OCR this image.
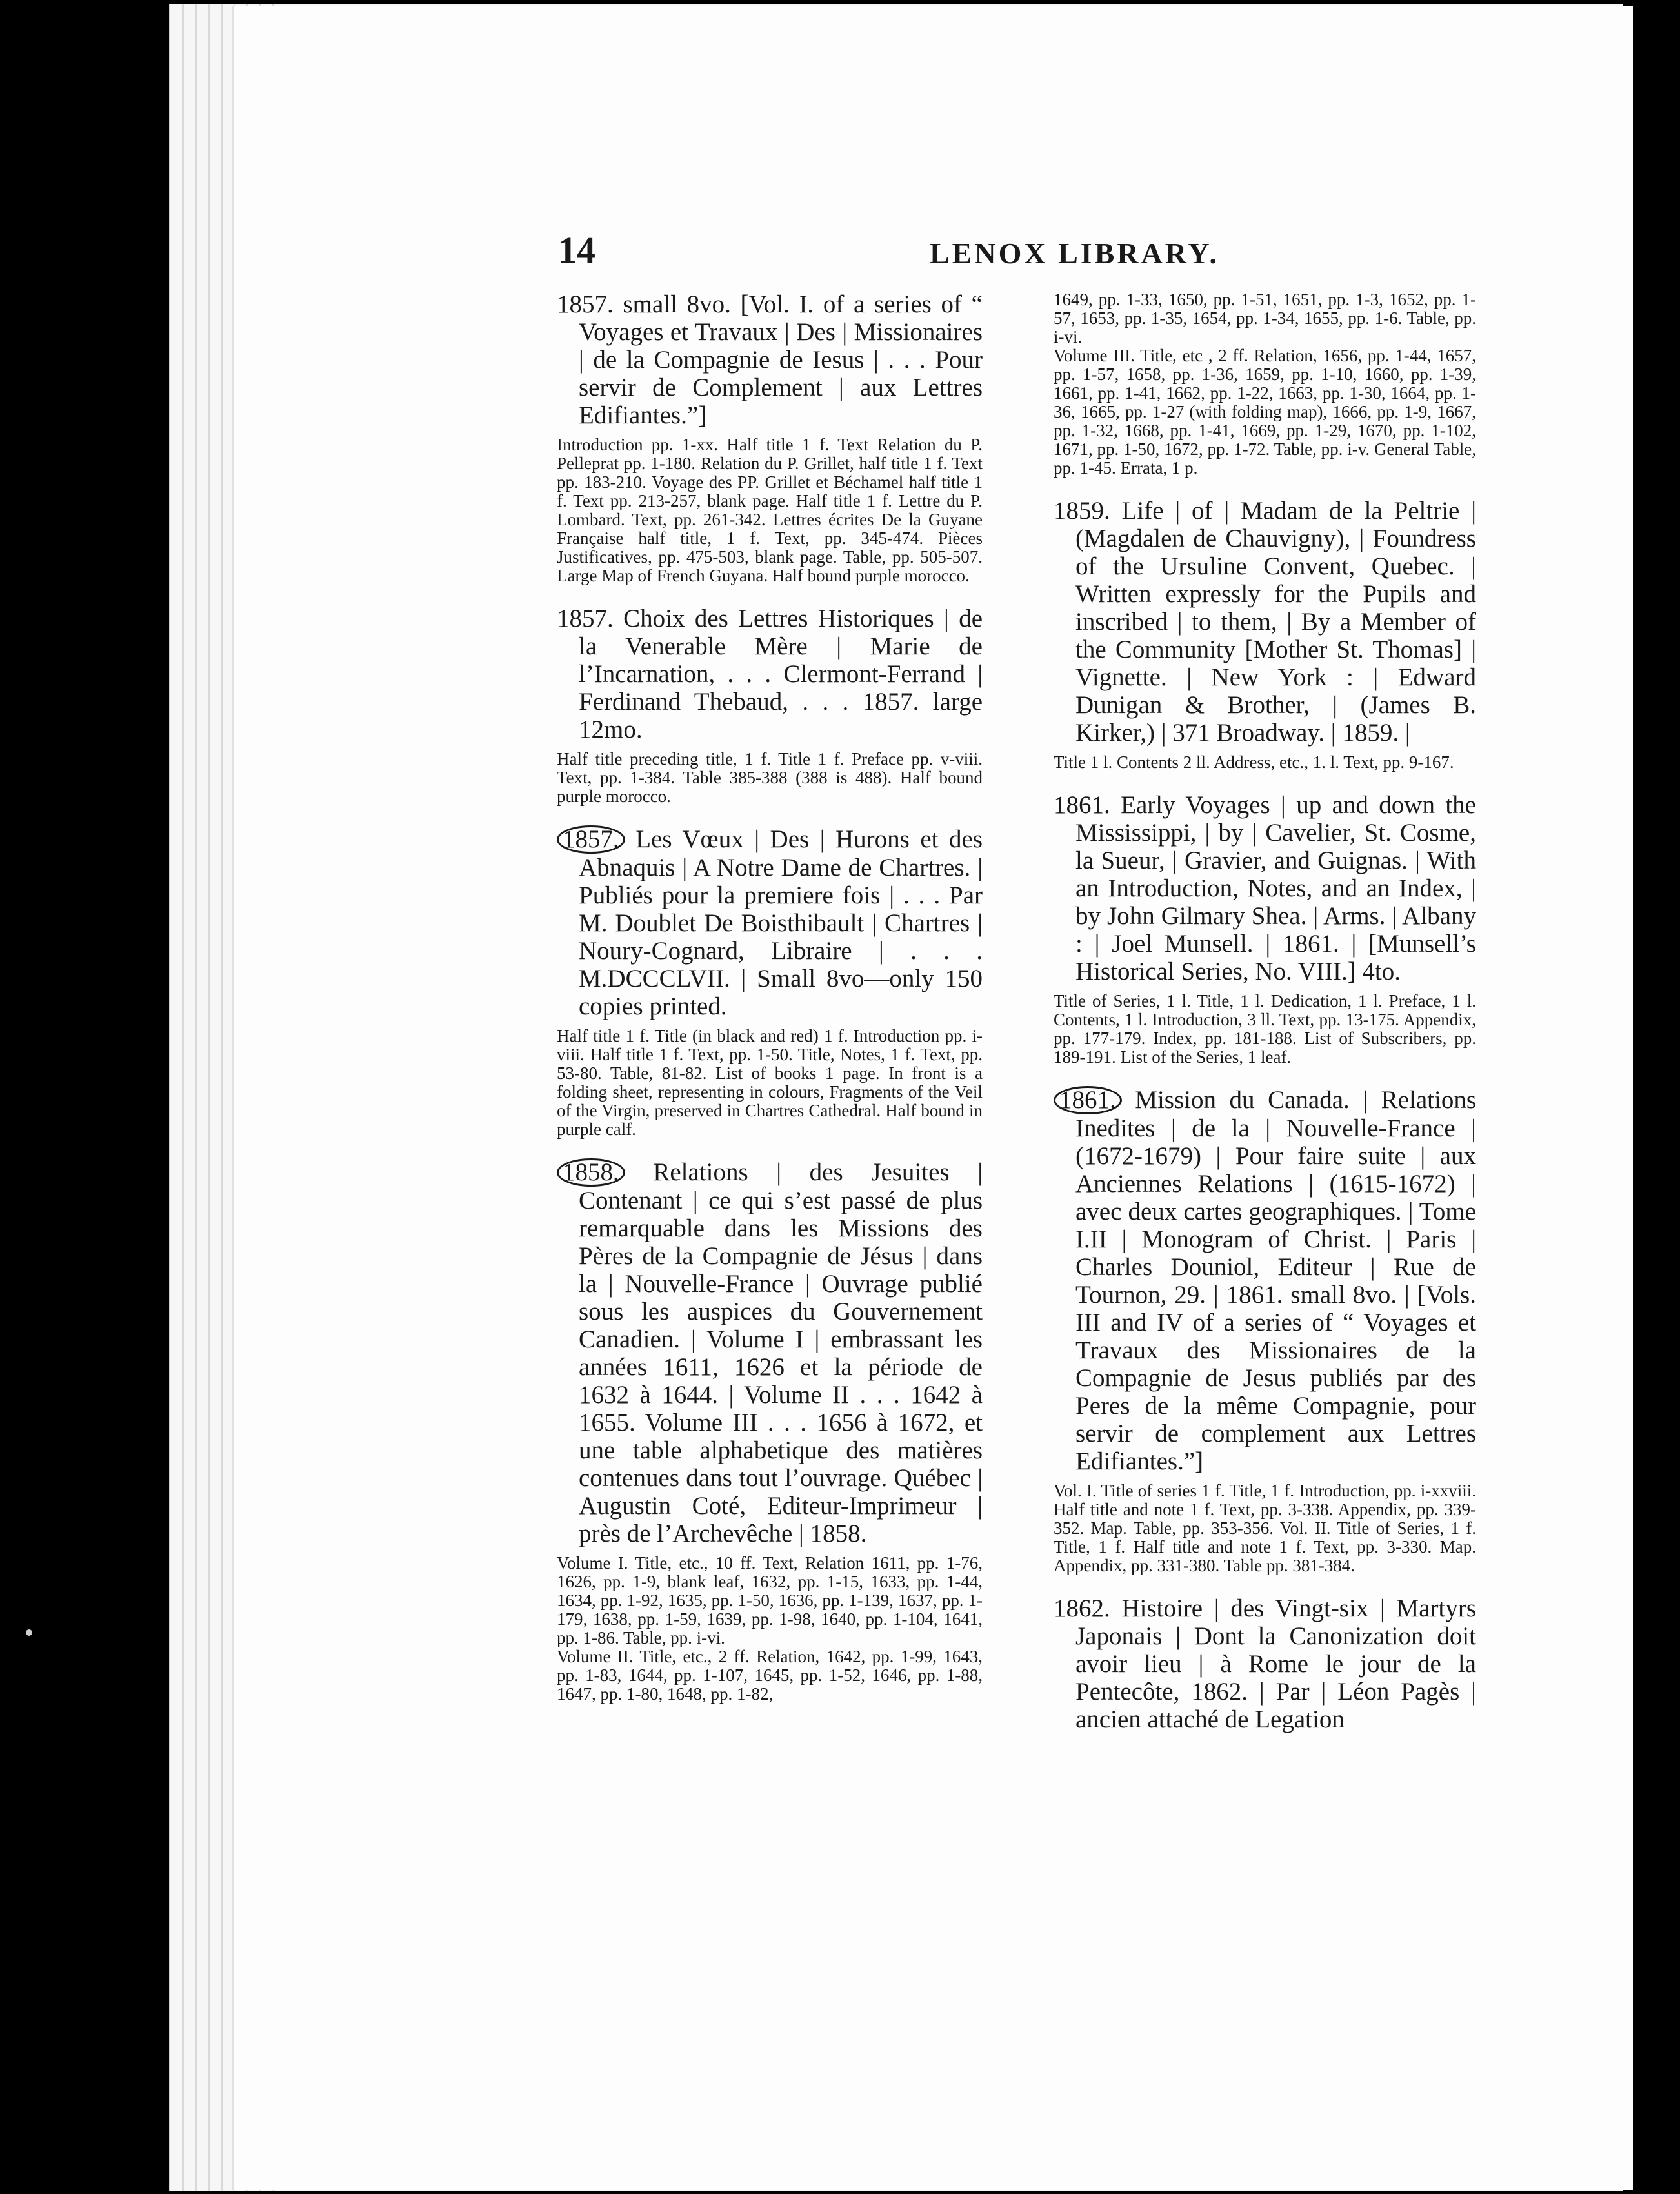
14	LENOX LIBRARY.

1857. small 8vo. [Vol. I. of a series of “ Voyages et Travaux | Des | Missionaires | de la Compagnie de Iesus | . . . Pour servir de Complement | aux Lettres Edifiantes.”]

Introduction pp. 1-xx. Half title 1 f. Text Relation du P. Pelleprat pp. 1-180. Relation du P. Grillet, half title 1 f. Text pp. 183-210. Voyage des PP. Grillet et Béchamel half title 1 f. Text pp. 213-257, blank page. Half title 1 f. Lettre du P. Lombard. Text, pp. 261-342. Lettres écrites De la Guyane Française half title, 1 f. Text, pp. 345-474. Pièces Justificatives, pp. 475-503, blank page. Table, pp. 505-507. Large Map of French Guyana. Half bound purple morocco.

1857. Choix des Lettres Historiques | de la Venerable Mère | Marie de l’Incarnation, . . . Clermont-Ferrand | Ferdinand Thebaud, . . . 1857. large 12mo.

Half title preceding title, 1 f. Title 1 f. Preface pp. v-viii. Text, pp. 1-384. Table 385-388 (388 is 488). Half bound purple morocco.

1857. Les Vœux | Des | Hurons et des Abnaquis | A Notre Dame de Chartres. | Publiés pour la premiere fois | . . . Par M. Doublet De Boisthibault | Chartres | Noury-Cognard, Libraire | . . . M.DCCCLVII. | Small 8vo—only 150 copies printed.

Half title 1 f. Title (in black and red) 1 f. Introduction pp. i-viii. Half title 1 f. Text, pp. 1-50. Title, Notes, 1 f. Text, pp. 53-80. Table, 81-82. List of books 1 page. In front is a folding sheet, representing in colours, Fragments of the Veil of the Virgin, preserved in Chartres Cathedral. Half bound in purple calf.

1858. Relations | des Jesuites | Contenant | ce qui s’est passé de plus remarquable dans les Missions des Pères de la Compagnie de Jésus | dans la | Nouvelle-France | Ouvrage publié sous les auspices du Gouvernement Canadien. | Volume I | embrassant les années 1611, 1626 et la période de 1632 à 1644. | Volume II . . . 1642 à 1655. Volume III . . . 1656 à 1672, et une table alphabetique des matières contenues dans tout l’ouvrage. Québec | Augustin Coté, Editeur-Imprimeur | près de l’Archevêche | 1858.

Volume I. Title, etc., 10 ff. Text, Relation 1611, pp. 1-76, 1626, pp. 1-9, blank leaf, 1632, pp. 1-15, 1633, pp. 1-44, 1634, pp. 1-92, 1635, pp. 1-50, 1636, pp. 1-139, 1637, pp. 1-179, 1638, pp. 1-59, 1639, pp. 1-98, 1640, pp. 1-104, 1641, pp. 1-86. Table, pp. i-vi.

Volume II. Title, etc., 2 ff. Relation, 1642, pp. 1-99, 1643, pp. 1-83, 1644, pp. 1-107, 1645, pp. 1-52, 1646, pp. 1-88, 1647, pp. 1-80, 1648, pp. 1-82,

1649, pp. 1-33, 1650, pp. 1-51, 1651, pp. 1-3, 1652, pp. 1-57, 1653, pp. 1-35, 1654, pp. 1-34, 1655, pp. 1-6. Table, pp. i-vi.

Volume III. Title, etc , 2 ff. Relation, 1656, pp. 1-44, 1657, pp. 1-57, 1658, pp. 1-36, 1659, pp. 1-10, 1660, pp. 1-39, 1661, pp. 1-41, 1662, pp. 1-22, 1663, pp. 1-30, 1664, pp. 1-36, 1665, pp. 1-27 (with folding map), 1666, pp. 1-9, 1667, pp. 1-32, 1668, pp. 1-41, 1669, pp. 1-29, 1670, pp. 1-102, 1671, pp. 1-50, 1672, pp. 1-72. Table, pp. i-v. General Table, pp. 1-45. Errata, 1 p.

1859. Life | of | Madam de la Peltrie | (Magdalen de Chauvigny), | Foundress of the Ursuline Convent, Quebec. | Written expressly for the Pupils and inscribed | to them, | By a Member of the Community [Mother St. Thomas] | Vignette. | New York : | Edward Dunigan & Brother, | (James B. Kirker,) | 371 Broadway. | 1859. |

Title 1 l. Contents 2 ll. Address, etc., 1. l. Text, pp. 9-167.

1861. Early Voyages | up and down the Mississippi, | by | Cavelier, St. Cosme, la Sueur, | Gravier, and Guignas. | With an Introduction, Notes, and an Index, | by John Gilmary Shea. | Arms. | Albany : | Joel Munsell. | 1861. | [Munsell’s Historical Series, No. VIII.] 4to.

Title of Series, 1 l. Title, 1 l. Dedication, 1 l. Preface, 1 l. Contents, 1 l. Introduction, 3 ll. Text, pp. 13-175. Appendix, pp. 177-179. Index, pp. 181-188. List of Subscribers, pp. 189-191. List of the Series, 1 leaf.

1861. Mission du Canada. | Relations Inedites | de la | Nouvelle-France | (1672-1679) | Pour faire suite | aux Anciennes Relations | (1615-1672) | avec deux cartes geographiques. | Tome I.II | Monogram of Christ. | Paris | Charles Douniol, Editeur | Rue de Tournon, 29. | 1861. small 8vo. | [Vols. III and IV of a series of “ Voyages et Travaux des Missionaires de la Compagnie de Jesus publiés par des Peres de la même Compagnie, pour servir de complement aux Lettres Edifiantes.”]

Vol. I. Title of series 1 f. Title, 1 f. Introduction, pp. i-xxviii. Half title and note 1 f. Text, pp. 3-338. Appendix, pp. 339-352. Map. Table, pp. 353-356. Vol. II. Title of Series, 1 f. Title, 1 f. Half title and note 1 f. Text, pp. 3-330. Map. Appendix, pp. 331-380. Table pp. 381-384.

1862. Histoire | des Vingt-six | Martyrs Japonais | Dont la Canonization doit avoir lieu | à Rome le jour de la Pentecôte, 1862. | Par | Léon Pagès | ancien attaché de Legation
